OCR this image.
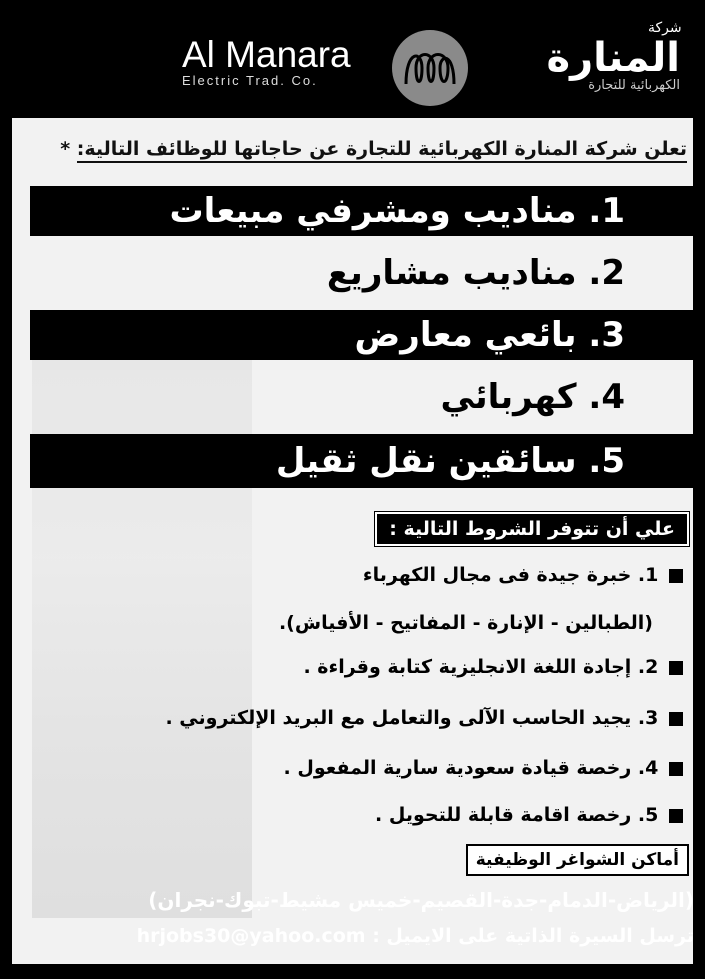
Al Manara
Electric Trad. Co.
شركة
المنارة
الكهربائية للتجارة
تعلن شركة المنارة الكهربائية للتجارة عن حاجاتها للوظائف التالية: *
1. مناديب ومشرفي مبيعات
2. مناديب مشاريع
3. بائعي معارض
4. كهربائي
5. سائقين نقل ثقيل
علي أن تتوفر الشروط التالية :
1. خبرة جيدة فى مجال الكهرباء
(الطبالين - الإنارة - المفاتيح - الأفياش).
2. إجادة اللغة الانجليزية كتابة وقراءة .
3. يجيد الحاسب الآلى والتعامل مع البريد الإلكتروني .
4. رخصة قيادة سعودية سارية المفعول .
5. رخصة اقامة قابلة للتحويل .
أماكن الشواغر الوظيفية
(الرياض-الدمام-جدة-القصيم-خميس مشيط-تبوك-نجران)
ترسل السيرة الذاتية على الايميل : hrjobs30@yahoo.com
